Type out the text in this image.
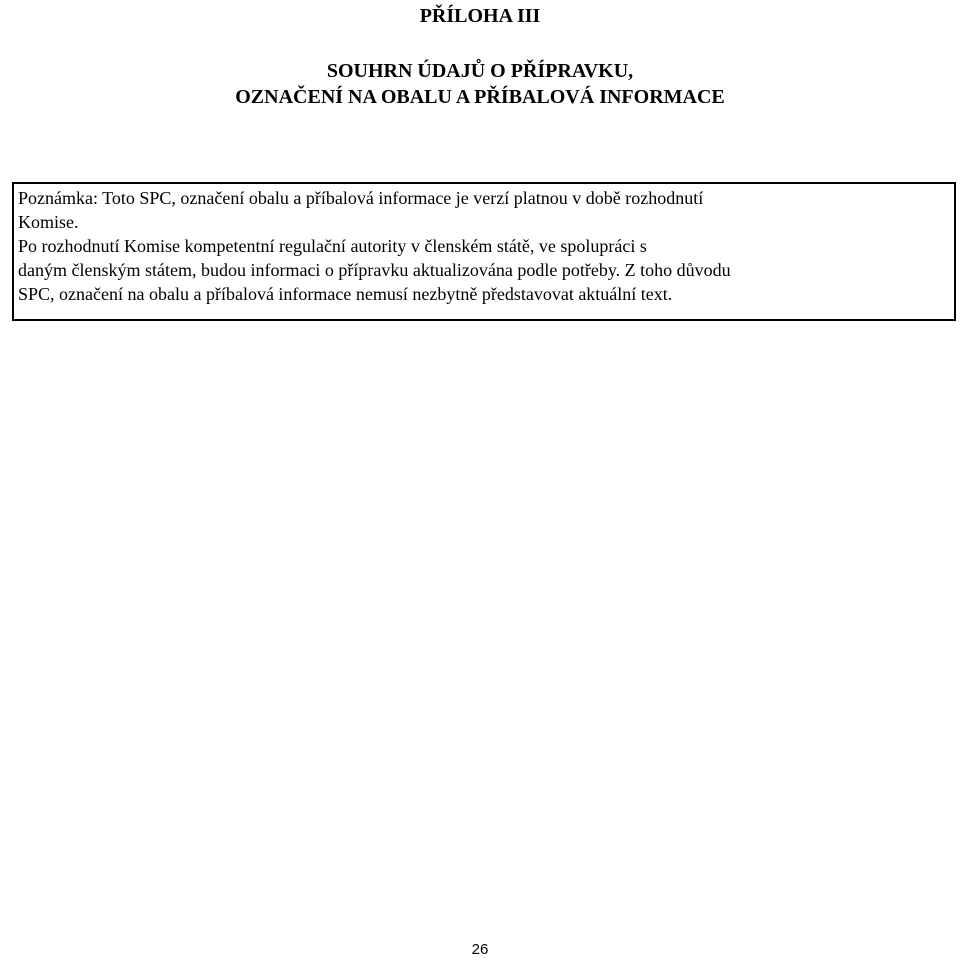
PŘÍLOHA III
SOUHRN ÚDAJŮ O PŘÍPRAVKU,
OZNAČENÍ NA OBALU A PŘÍBALOVÁ INFORMACE
Poznámka: Toto SPC, označení obalu a příbalová informace je verzí platnou v době rozhodnutí
Komise.
Po rozhodnutí Komise kompetentní regulační autority v členském státě, ve spolupráci s
daným členským státem, budou informaci o přípravku aktualizována podle potřeby. Z toho důvodu
SPC, označení na obalu a příbalová informace nemusí nezbytně představovat aktuální text.
26
